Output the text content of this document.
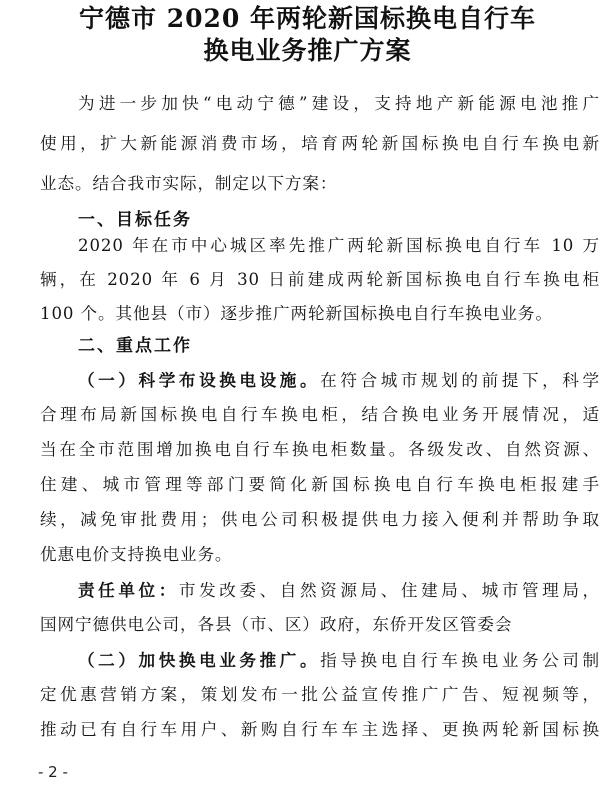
宁德市 2020 年两轮新国标换电自行车
换电业务推广方案
为进一步加快“电动宁德”建设，支持地产新能源电池推广
使用，扩大新能源消费市场，培育两轮新国标换电自行车换电新
业态。结合我市实际，制定以下方案：
一、目标任务
2020 年在市中心城区率先推广两轮新国标换电自行车 10 万
辆，在 2020 年 6 月 30 日前建成两轮新国标换电自行车换电柜
100 个。其他县（市）逐步推广两轮新国标换电自行车换电业务。
二、重点工作
（一）科学布设换电设施。在符合城市规划的前提下，科学
合理布局新国标换电自行车换电柜，结合换电业务开展情况，适
当在全市范围增加换电自行车换电柜数量。各级发改、自然资源、
住建、城市管理等部门要简化新国标换电自行车换电柜报建手
续，减免审批费用；供电公司积极提供电力接入便利并帮助争取
优惠电价支持换电业务。
责任单位：市发改委、自然资源局、住建局、城市管理局，
国网宁德供电公司，各县（市、区）政府，东侨开发区管委会
（二）加快换电业务推广。指导换电自行车换电业务公司制
定优惠营销方案，策划发布一批公益宣传推广广告、短视频等，
推动已有自行车用户、新购自行车车主选择、更换两轮新国标换
- 2 -
